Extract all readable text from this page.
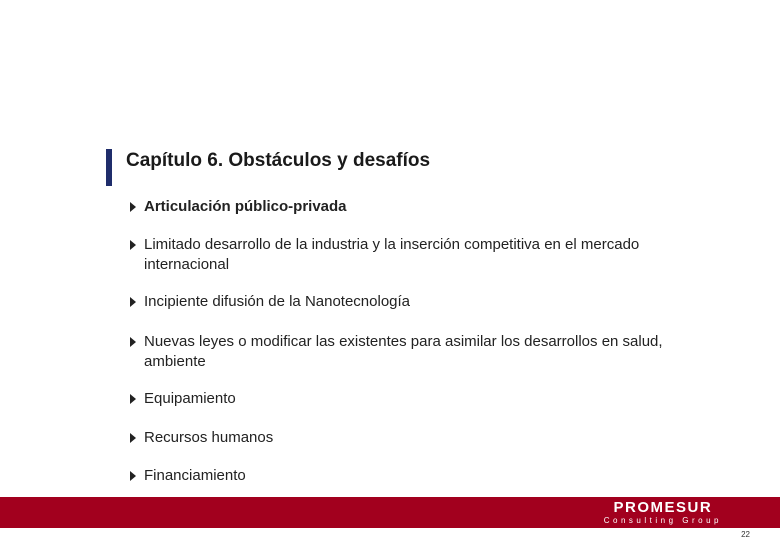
Capítulo 6. Obstáculos y desafíos
Articulación público-privada
Limitado desarrollo de la industria y la inserción competitiva en el mercado internacional
Incipiente difusión de la Nanotecnología
Nuevas leyes o modificar las existentes para asimilar los desarrollos en salud, ambiente
Equipamiento
Recursos humanos
Financiamiento
PROMESUR
Consulting Group
22
